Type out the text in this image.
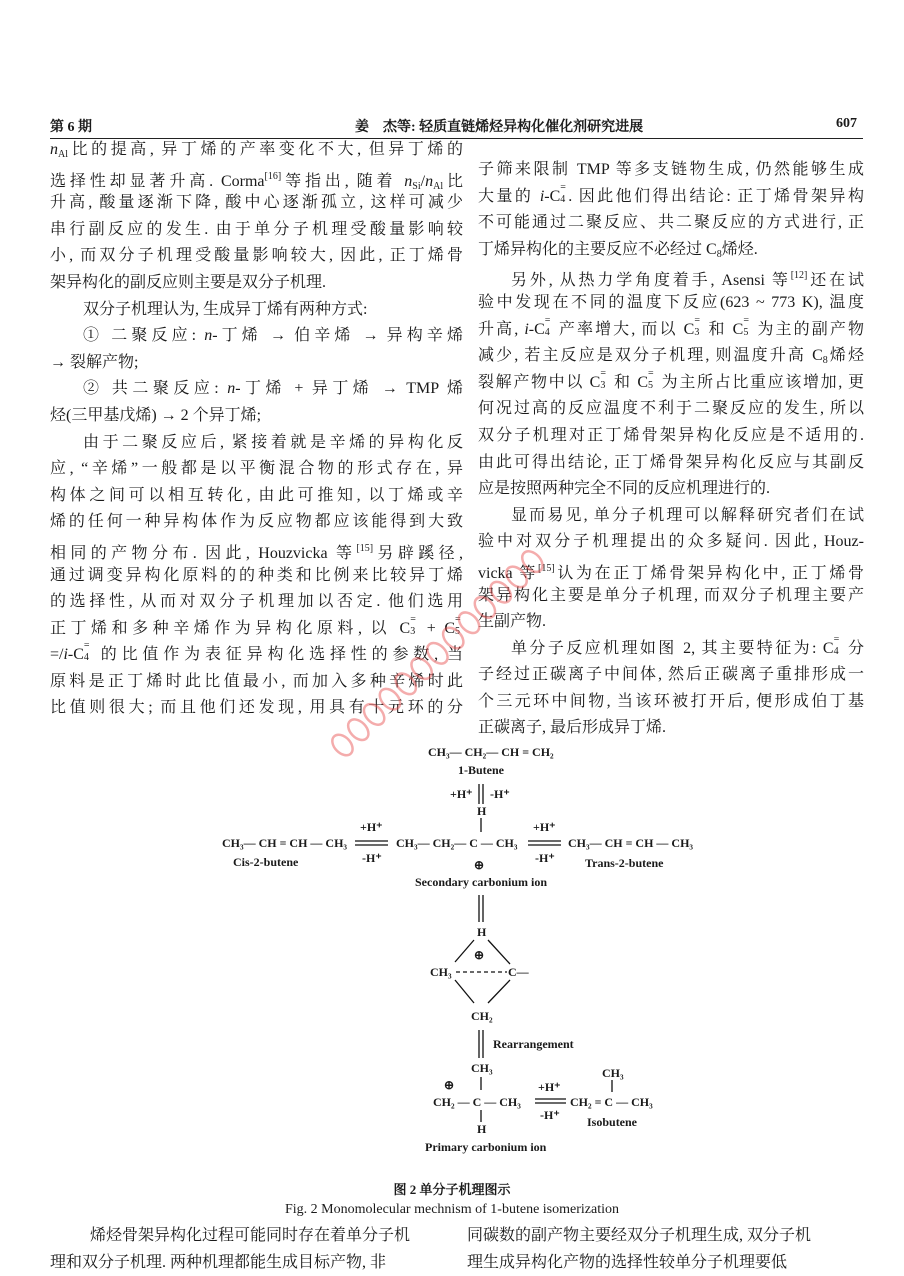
第 6 期	姜　杰等: 轻质直链烯烃异构化催化剂研究进展	607
$n_{Al}$比的提高, 异丁烯的产率变化不大, 但异丁烯的
选择性却显著升高. Corma[16]等指出, 随着 $n_{Si}/n_{Al}$比
升高, 酸量逐渐下降, 酸中心逐渐孤立, 这样可减少
串行副反应的发生. 由于单分子机理受酸量影响较
小, 而双分子机理受酸量影响较大, 因此, 正丁烯骨
架异构化的副反应则主要是双分子机理.
双分子机理认为, 生成异丁烯有两种方式:
① 二聚反应: n-丁烯 → 伯辛烯 → 异构辛烯
→ 裂解产物;
② 共二聚反应: n-丁烯 + 异丁烯 → TMP 烯
烃(三甲基戊烯) → 2 个异丁烯;
由于二聚反应后, 紧接着就是辛烯的异构化反
应, “辛烯”一般都是以平衡混合物的形式存在, 异
构体之间可以相互转化, 由此可推知, 以丁烯或辛
烯的任何一种异构体作为反应物都应该能得到大致
相同的产物分布. 因此, Houzvicka 等[15]另辟蹊径,
通过调变异构化原料的的种类和比例来比较异丁烯
的选择性, 从而对双分子机理加以否定. 他们选用
正丁烯和多种辛烯作为异构化原料, 以 C
=
3 + C
=
5
=/i-C
=
4 的比值作为表征异构化选择性的参数, 当
原料是正丁烯时此比值最小, 而加入多种辛烯时此
比值则很大; 而且他们还发现, 用具有十元环的分
子筛来限制 TMP 等多支链物生成, 仍然能够生成
大量的 i-C
=
4 . 因此他们得出结论: 正丁烯骨架异构
不可能通过二聚反应、共二聚反应的方式进行, 正
丁烯异构化的主要反应不必经过 $C_8$烯烃.
另外, 从热力学角度着手, Asensi 等[12]还在试
验中发现在不同的温度下反应(623 ~ 773 K), 温度
升高, i-C
=
4 产率增大, 而以 C
=
3 和 C
=
5 为主的副产物
减少, 若主反应是双分子机理, 则温度升高 $C_8$烯烃
裂解产物中以 C
=
3 和 C
=
5 为主所占比重应该增加, 更
何况过高的反应温度不利于二聚反应的发生, 所以
双分子机理对正丁烯骨架异构化反应是不适用的.
由此可得出结论, 正丁烯骨架异构化反应与其副反
应是按照两种完全不同的反应机理进行的.
显而易见, 单分子机理可以解释研究者们在试
验中对双分子机理提出的众多疑问. 因此, Houz-
vicka 等[15]认为在正丁烯骨架异构化中, 正丁烯骨
架异构化主要是单分子机理, 而双分子机理主要产
生副产物.
单分子反应机理如图 2, 其主要特征为: C
=
4 分
子经过正碳离子中间体, 然后正碳离子重排形成一
个三元环中间物, 当该环被打开后, 便形成伯丁基
正碳离子, 最后形成异丁烯.
CH₃— CH₂— CH = CH₂
1-Butene
+H⁺ -H⁺
H
CH₃— CH = CH — CH₃
Cis-2-butene
+H⁺
-H⁺
CH₃— CH₂— C — CH₃
⊕
Secondary carbonium ion
+H⁺
-H⁺
CH₃— CH = CH — CH₃
Trans-2-butene
H
⊕
CH₃	C—
CH₂
Rearrangement
CH₃
⊕
CH₂ — C — CH₃
H
Primary carbonium ion
+H⁺
-H⁺
CH₃
CH₂ = C — CH₃
Isobutene
图 2 单分子机理图示
Fig. 2 Monomolecular mechnism of 1-butene isomerization
烯烃骨架异构化过程可能同时存在着单分子机
理和双分子机理. 两种机理都能生成目标产物, 非
同碳数的副产物主要经双分子机理生成, 双分子机
理生成异构化产物的选择性较单分子机理要低
